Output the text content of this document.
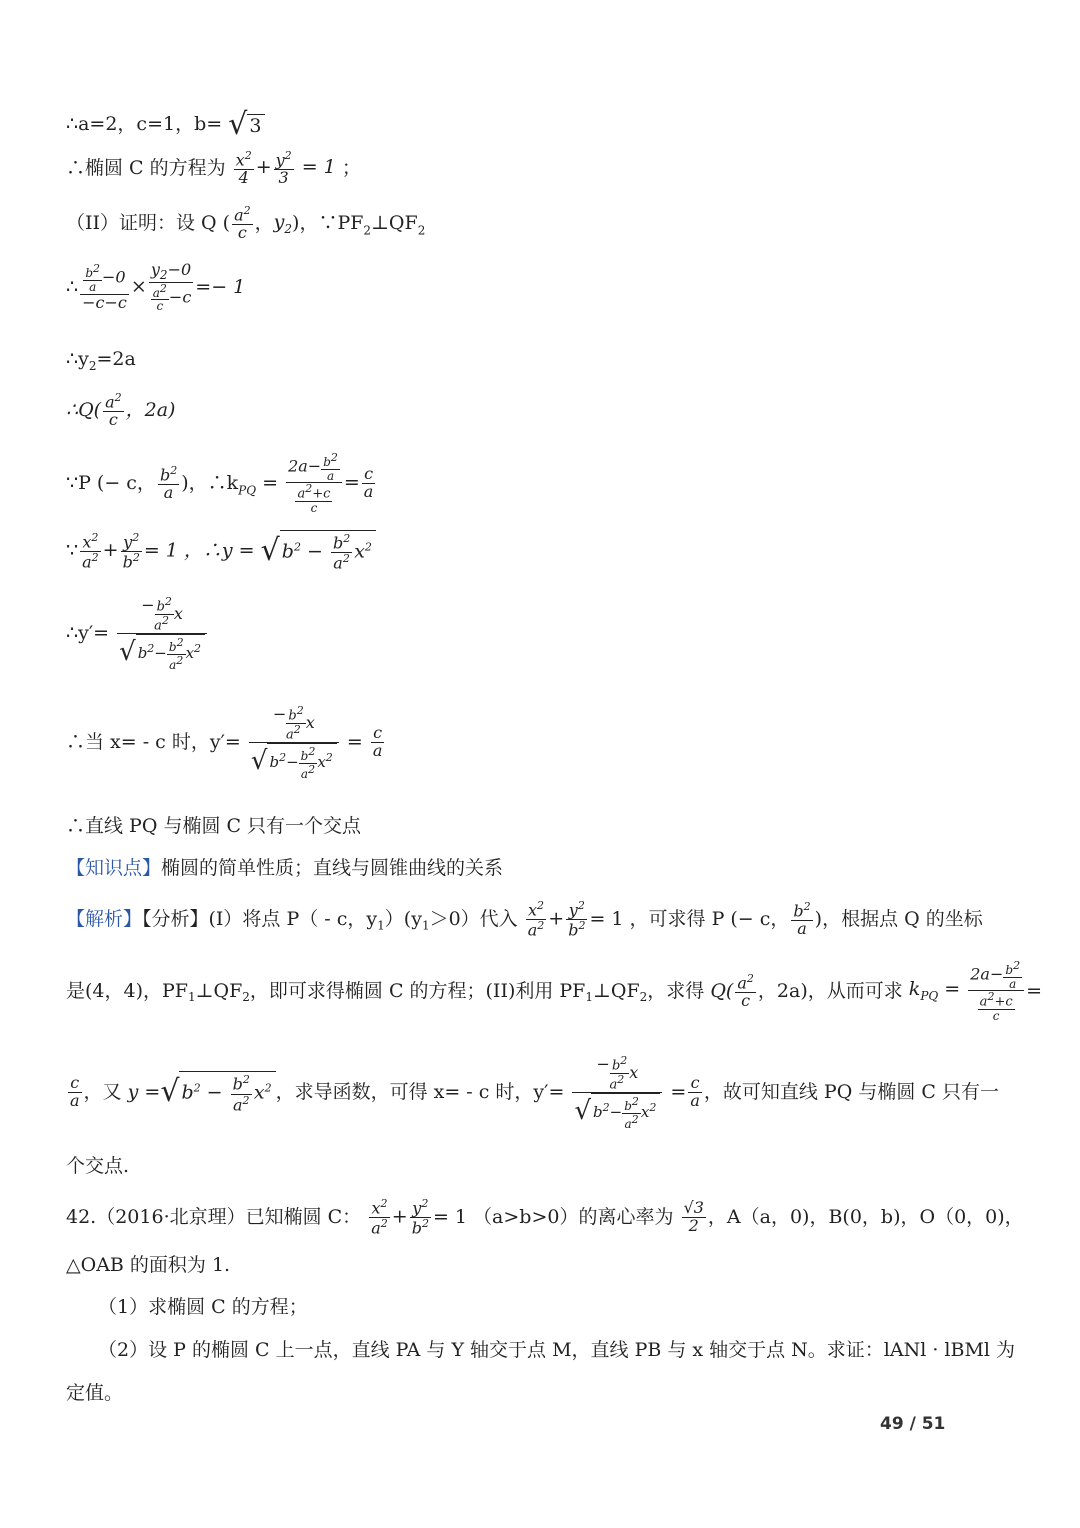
∴a=2，c=1，b= √ 3
∴椭圆 C 的方程为 $\frac{x^2}{4} + \frac{y^2}{3} = 1$ ；
（II）证明：设 Q ( $\frac{a^2}{c}$ ，$y_2$)，$\because PF_2\perp QF_2$
∴ $\frac{\frac{b2}{a} -0}{-c-c} \times \frac{y_2-0}{\frac{a2}{c} -c} =- 1$
$\therefore y_2=2a$
∴Q( $\frac{a^2}{c}$ ，2a)
∵P (− c， $\frac{b^2}{a}$ )，$\therefore k_{PQ} = \frac{2a- \frac{b2}{a}}{\frac{a^2+c}{c}} = \frac{c}{a}$
∵ $\frac{x^2}{a^2} + \frac{y^2}{b^2} = 1$ ，∴y = √ $b^2 - \frac{b^2}{a^2} x^2$
∴y′= − $b^2$
$a^2$ x
√ $b^2- \frac{b2}{a2} x^2$
∴当 x= - c 时，$y'= - b^2$
$a^2$ x
√ $b^2- \frac{b2}{a2} x^2 = \frac{c}{a}$
∴直线 PQ 与椭圆 C 只有一个交点
【知识点】椭圆的简单性质；直线与圆锥曲线的关系
【解析】【分析】(I）将点 P（ - c，$y_1)(y_1>0)$代入 $\frac{x^2}{a^2} + \frac{y^2}{b^2} = 1$ ，可求得 P (− c， $\frac{b^2}{a}$ )，根据点 Q 的坐标
是(4，4)，$PF_1\perp QF_2$，即可求得椭圆 C 的方程；(II)利用 $PF_1\perp QF_2$，求得 $Q( \frac{a^2}{c}$ ，2a)，从而可求 $k_{PQ} = \frac{2a- \frac{b2}{a}}{\frac{a^2+c}{c}}$ =
$\frac{c}{a}$ ，又 y =√ $b^2 - \frac{b^2}{a^2} x^2$ ，求导函数，可得 x= - c 时，$y'= - b^2$
$a^2$ x
√ $b^2- \frac{b2}{a2} x^2 = \frac{c}{a}$ ，故可知直线 PQ 与椭圆 C 只有一
个交点.
42.（2016·北京理）已知椭圆 C： $\frac{x^2}{a^2} + \frac{y^2}{b^2} = 1$ （a>b>0）的离心率为 $\frac{√3}{2}$ ，A（a，0)，B(0，b)，O（0，0)，
△OAB 的面积为 1.
（1）求椭圆 C 的方程；
（2）设 P 的椭圆 C 上一点，直线 PA 与 Y 轴交于点 M，直线 PB 与 x 轴交于点 N。求证：lANl · lBMl 为
定值。
49 / 51
